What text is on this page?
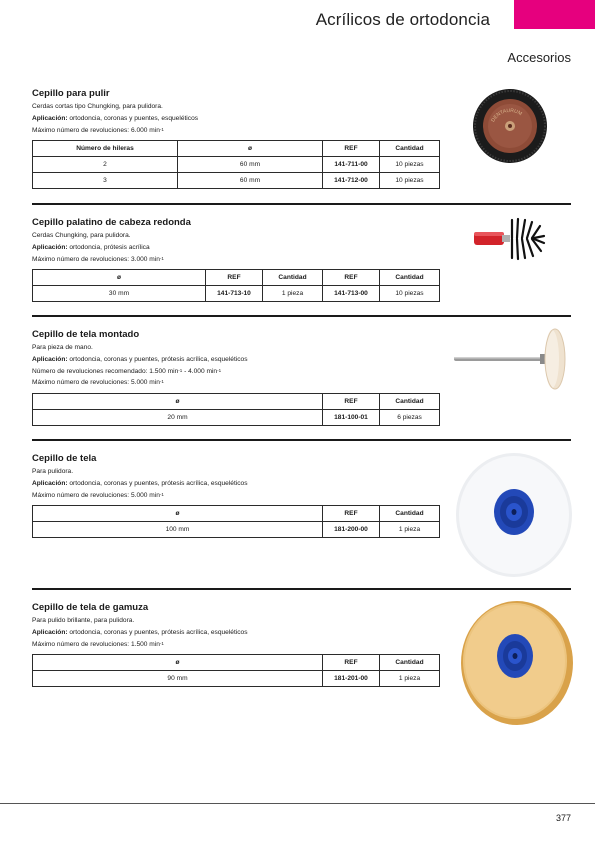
Acrílicos de ortodoncia
Accesorios
Cepillo para pulir
Cerdas cortas tipo Chungking, para pulidora.
Aplicación: ortodoncia, coronas y puentes, esqueléticos
Máximo número de revoluciones: 6.000 $\min^{-1}$
Número de hileras	ø	REF	Cantidad
2	60 mm	141-711-00	10 piezas
3	60 mm	141-712-00	10 piezas
DENTAURUM
Cepillo palatino de cabeza redonda
Cerdas Chungking, para pulidora.
Aplicación: ortodoncia, prótesis acrílica
Máximo número de revoluciones: 3.000 $\min^{-1}$
ø	REF	Cantidad	REF	Cantidad
30 mm	141-713-10	1 pieza	141-713-00	10 piezas
Cepillo de tela montado
Para pieza de mano.
Aplicación: ortodoncia, coronas y puentes, prótesis acrílica, esqueléticos
Número de revoluciones recomendado: 1.500 $\min^{-1} - 4.000$ $\min^{-1}$
Máximo número de revoluciones: 5.000 $\min^{-1}$
ø	REF	Cantidad
20 mm	181-100-01	6 piezas
Cepillo de tela
Para pulidora.
Aplicación: ortodoncia, coronas y puentes, prótesis acrílica, esqueléticos
Máximo número de revoluciones: 5.000 $\min^{-1}$
ø	REF	Cantidad
100 mm	181-200-00	1 pieza
Cepillo de tela de gamuza
Para pulido brillante, para pulidora.
Aplicación: ortodoncia, coronas y puentes, prótesis acrílica, esqueléticos
Máximo número de revoluciones: 1.500 $\min^{-1}$
ø	REF	Cantidad
90 mm	181-201-00	1 pieza
377
